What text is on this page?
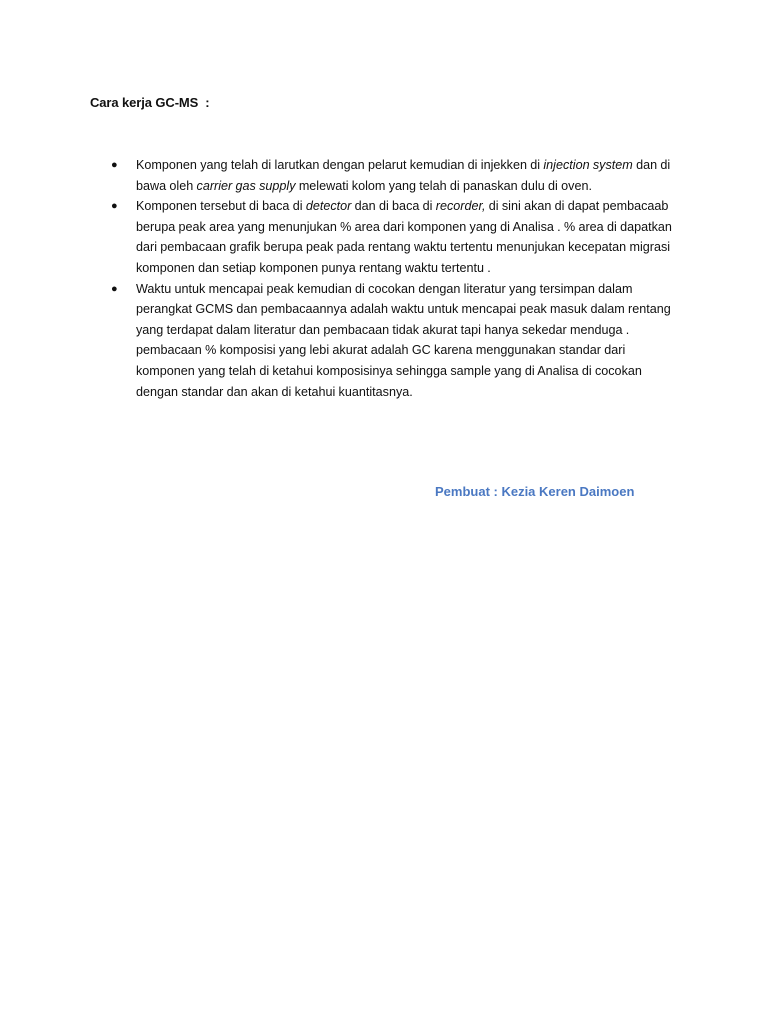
Cara kerja GC-MS  :
● Komponen yang telah di larutkan dengan pelarut kemudian di injekken di injection system dan di bawa oleh carrier gas supply melewati kolom yang telah di panaskan dulu di oven.
● Komponen tersebut di baca di detector dan di baca di recorder, di sini akan di dapat pembacaab berupa peak area yang menunjukan % area dari komponen yang di Analisa . % area di dapatkan dari pembacaan grafik berupa peak pada rentang waktu tertentu menunjukan kecepatan migrasi komponen dan setiap komponen punya rentang waktu tertentu .
● Waktu untuk mencapai peak kemudian di cocokan dengan literatur yang tersimpan dalam perangkat GCMS dan pembacaannya adalah waktu untuk mencapai peak masuk dalam rentang yang terdapat dalam literatur dan pembacaan tidak akurat tapi hanya sekedar menduga . pembacaan % komposisi yang lebi akurat adalah GC karena menggunakan standar dari komponen yang telah di ketahui komposisinya sehingga sample yang di Analisa di cocokan dengan standar dan akan di ketahui kuantitasnya.
Pembuat : Kezia Keren Daimoen
